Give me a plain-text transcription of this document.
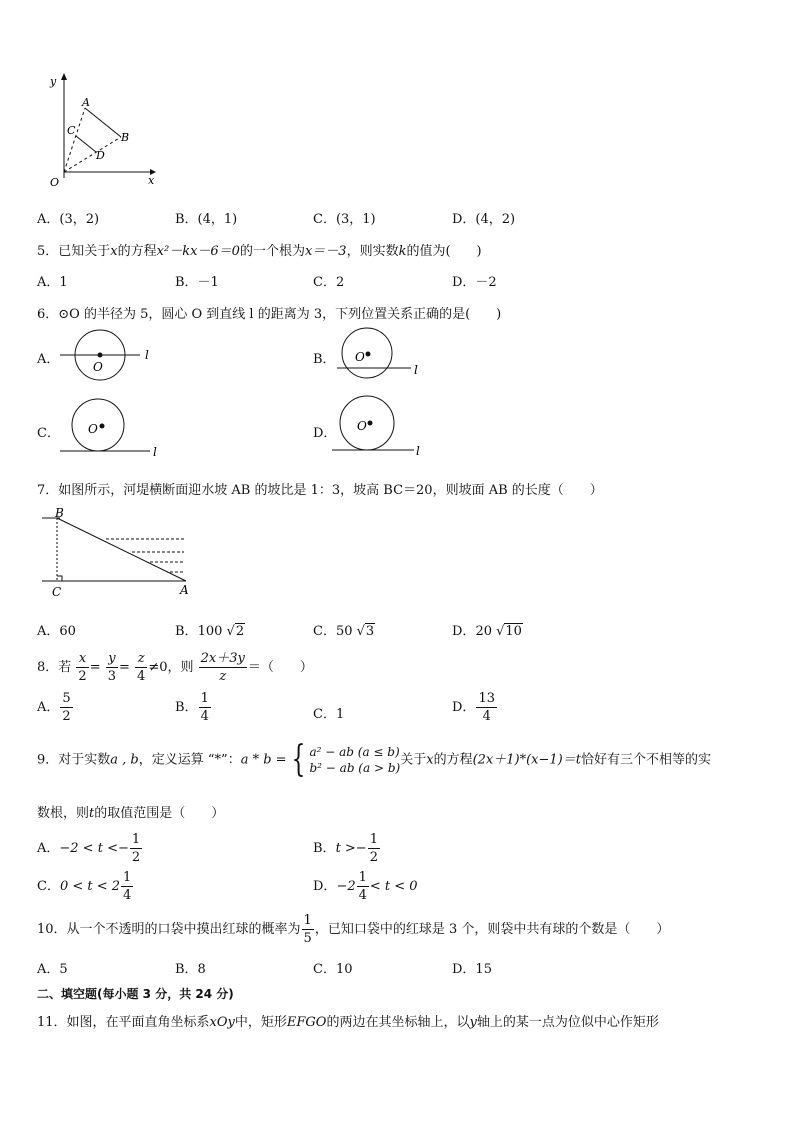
y
x
O
A
B
C
D
A．(3，2)	B．(4，1)	C．(3，1)	D．(4，2)
5．已知关于x的方程x²－kx－6＝0的一个根为x＝－3，则实数k的值为(　　)
A．1	B．－1	C．2	D．－2
6．⊙O 的半径为 5，圆心 O 到直线 l 的距离为 3，下列位置关系正确的是(　　)
A．	O
l	B． O
l
C． O
l
D． O
l
7．如图所示，河堤横断面迎水坡 AB 的坡比是 1：3，坡高 BC＝20，则坡面 AB 的长度（　　）
B
C	A
A．60	B．100 √2	C．50 √3	D．20 √10
8．若 $\frac{x}{2} = \frac{y}{3} = \frac{z}{4} \ne 0$，则 $\frac{2x+3y}{z}$ ＝（　　）
A． $\frac{5}{2}$	B． $\frac{1}{4}$	C．1	D． $\frac{13}{4}$
9．对于实数a , b，定义运算 “*”：a * b = { a² − ab (a ≤ b)
b² − ab (a > b)关于x的方程(2x＋1)*(x−1)＝t恰好有三个不相等的实
数根，则t的取值范围是（　　）
A．$-2 < t <- \frac{1}{2}$	B．$t >- \frac{1}{2}$
C．$0 < t < 2 \frac{1}{4}$	D．$-2 \frac{1}{4} < t < 0$
10．从一个不透明的口袋中摸出红球的概率为 $\frac{1}{5}$ ，已知口袋中的红球是 3 个，则袋中共有球的个数是（　　）
A．5	B．8	C．10	D．15
二、填空题(每小题 3 分，共 24 分)
11．如图，在平面直角坐标系xOy中，矩形EFGO的两边在其坐标轴上，以y轴上的某一点为位似中心作矩形
